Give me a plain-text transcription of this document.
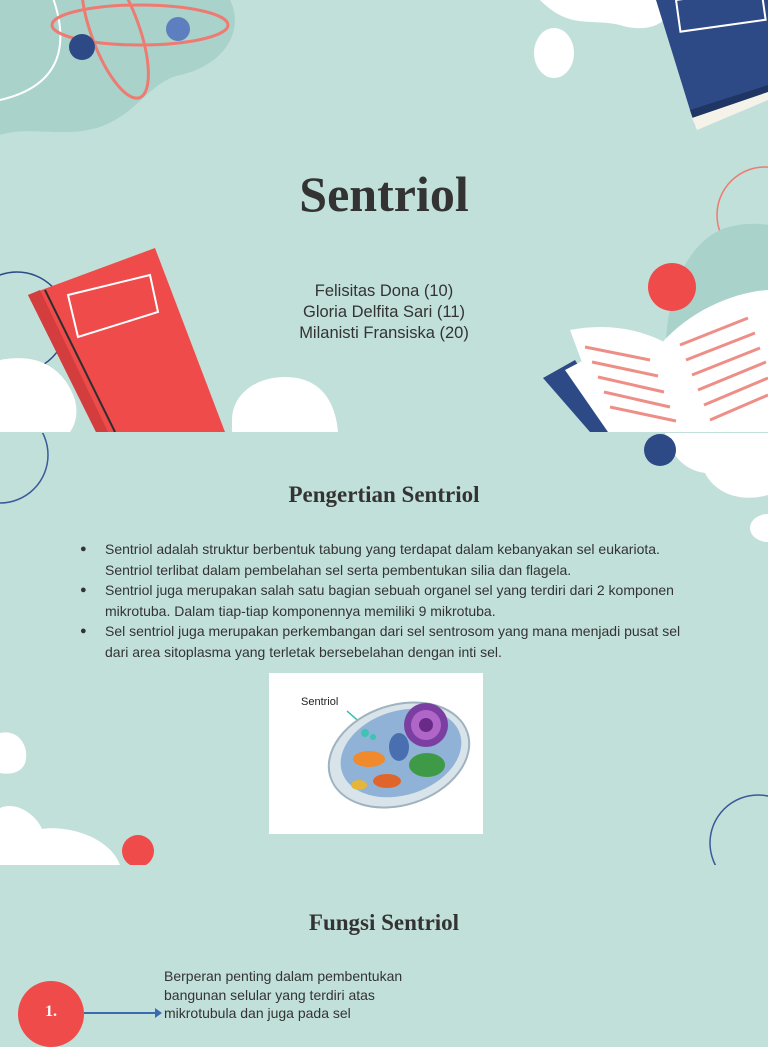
Sentriol
Felisitas Dona (10)
Gloria Delfita Sari (11)
Milanisti Fransiska (20)
Pengertian Sentriol
● Sentriol adalah struktur berbentuk tabung yang terdapat dalam kebanyakan sel eukariota. Sentriol terlibat dalam pembelahan sel serta pembentukan silia dan flagela.
● Sentriol juga merupakan salah satu bagian sebuah organel sel yang terdiri dari 2 komponen mikrotuba. Dalam tiap-tiap komponennya memiliki 9 mikrotuba.
● Sel sentriol juga merupakan perkembangan dari sel sentrosom yang mana menjadi pusat sel dari area sitoplasma yang terletak bersebelahan dengan inti sel.
Sentriol
Fungsi Sentriol
Berperan penting dalam pembentukan bangunan selular yang terdiri atas mikrotubula dan juga pada sel
1.
